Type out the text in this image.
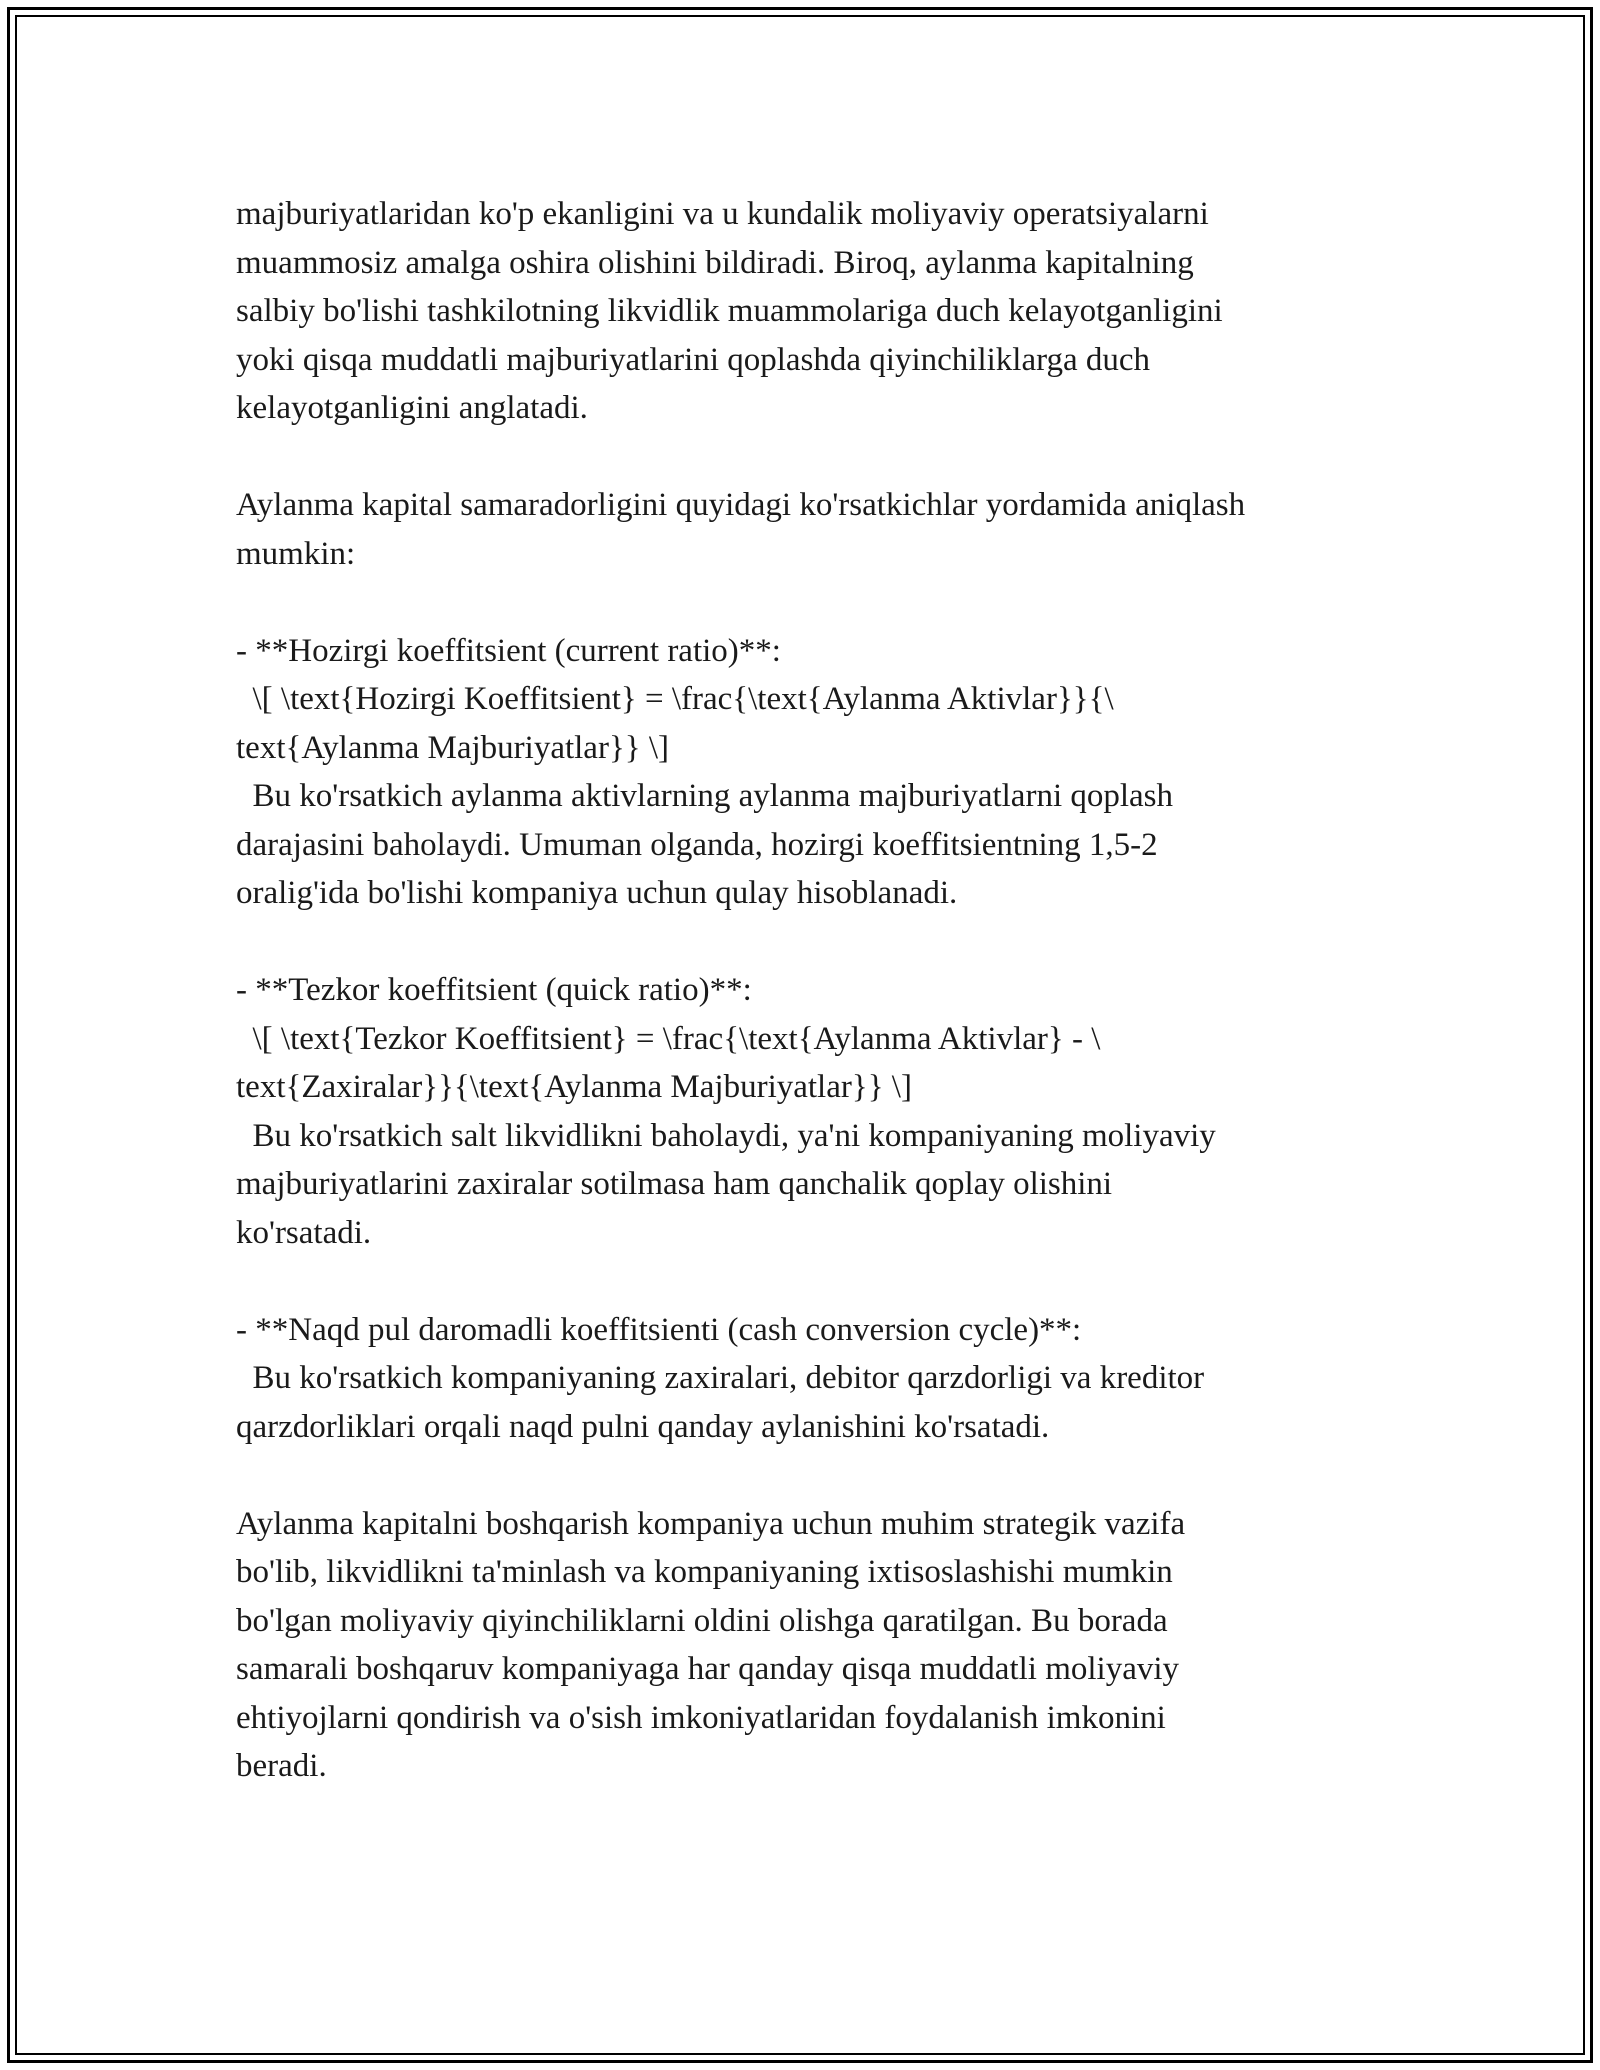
majburiyatlaridan ko'p ekanligini va u kundalik moliyaviy operatsiyalarni
muammosiz amalga oshira olishini bildiradi. Biroq, aylanma kapitalning
salbiy bo'lishi tashkilotning likvidlik muammolariga duch kelayotganligini
yoki qisqa muddatli majburiyatlarini qoplashda qiyinchiliklarga duch
kelayotganligini anglatadi.
Aylanma kapital samaradorligini quyidagi ko'rsatkichlar yordamida aniqlash
mumkin:
- **Hozirgi koeffitsient (current ratio)**:
\[ \text{Hozirgi Koeffitsient} = \frac{\text{Aylanma Aktivlar}}{\
text{Aylanma Majburiyatlar}} \]
Bu ko'rsatkich aylanma aktivlarning aylanma majburiyatlarni qoplash
darajasini baholaydi. Umuman olganda, hozirgi koeffitsientning 1,5-2
oralig'ida bo'lishi kompaniya uchun qulay hisoblanadi.
- **Tezkor koeffitsient (quick ratio)**:
\[ \text{Tezkor Koeffitsient} = \frac{\text{Aylanma Aktivlar} - \
text{Zaxiralar}}{\text{Aylanma Majburiyatlar}} \]
Bu ko'rsatkich salt likvidlikni baholaydi, ya'ni kompaniyaning moliyaviy
majburiyatlarini zaxiralar sotilmasa ham qanchalik qoplay olishini
ko'rsatadi.
- **Naqd pul daromadli koeffitsienti (cash conversion cycle)**:
Bu ko'rsatkich kompaniyaning zaxiralari, debitor qarzdorligi va kreditor
qarzdorliklari orqali naqd pulni qanday aylanishini ko'rsatadi.
Aylanma kapitalni boshqarish kompaniya uchun muhim strategik vazifa
bo'lib, likvidlikni ta'minlash va kompaniyaning ixtisoslashishi mumkin
bo'lgan moliyaviy qiyinchiliklarni oldini olishga qaratilgan. Bu borada
samarali boshqaruv kompaniyaga har qanday qisqa muddatli moliyaviy
ehtiyojlarni qondirish va o'sish imkoniyatlaridan foydalanish imkonini
beradi.
